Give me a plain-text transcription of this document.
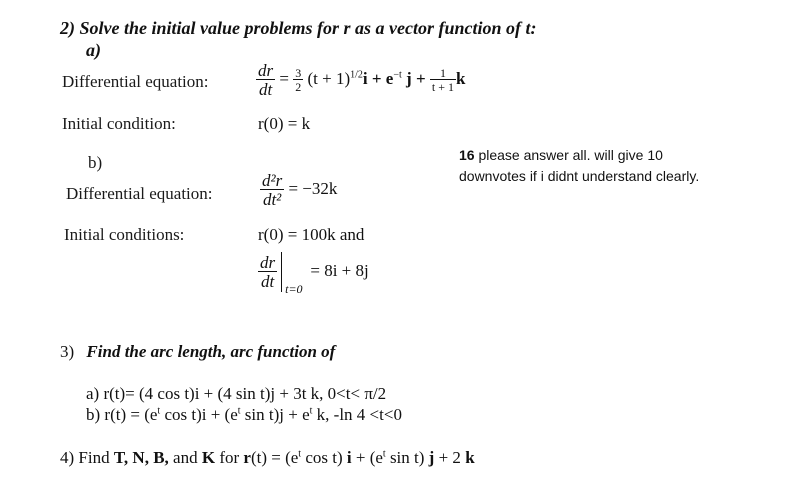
2) Solve the initial value problems for r as a vector function of t:
a)
Differential equation:	$\frac{dr}{dt} = \frac{3}{2} (t + 1)^{1/2}i + e^{-t}$ $j + \frac{1}{t + 1}$ k
Initial condition:	r(0) = k
b)
Differential equation:	$\frac{\text{d²r}}{\text{dt²}} = -32k$
Initial conditions:	r(0) = 100k and
$\frac{dr}{dt} t=0$
= 8i + 8j
16 please answer all. will give 10
downvotes if i didnt understand clearly.
3) Find the arc length, arc function of
a) r(t)= (4 cos t)i + (4 sin t)j + 3t k, 0<t< π/2
b) $r(t) = (e^t$ $\cos t)i + (e^t$ $\sin t)j + e^t$ k, -ln 4 <t<0
4) Find T, N, B, and K for $r(t) = (e^t$ cos t) $i + (e^t$ sin t) j + 2 k
